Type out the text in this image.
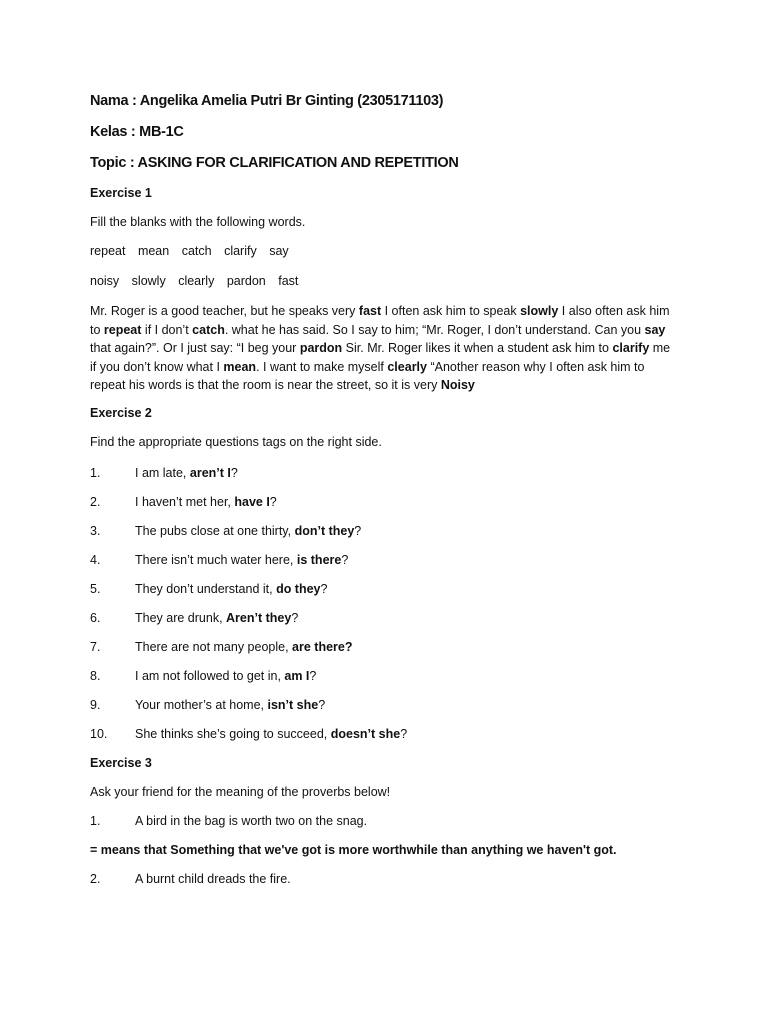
Nama : Angelika Amelia Putri Br Ginting (2305171103)
Kelas : MB-1C
Topic : ASKING FOR CLARIFICATION AND REPETITION
Exercise 1
Fill the blanks with the following words.
repeat mean catch clarify say
noisy slowly clearly pardon fast
Mr. Roger is a good teacher, but he speaks very fast I often ask him to speak slowly I also often ask him to repeat if I don’t catch. what he has said. So I say to him; “Mr. Roger, I don’t understand. Can you say that again?”. Or I just say: “I beg your pardon Sir. Mr. Roger likes it when a student ask him to clarify me if you don’t know what I mean. I want to make myself clearly “Another reason why I often ask him to repeat his words is that the room is near the street, so it is very Noisy
Exercise 2
Find the appropriate questions tags on the right side.
1.	I am late, aren’t I?
2.	I haven’t met her, have I?
3.	The pubs close at one thirty, don’t they?
4.	There isn’t much water here, is there?
5.	They don’t understand it, do they?
6.	They are drunk, Aren’t they?
7.	There are not many people, are there?
8.	I am not followed to get in, am I?
9.	Your mother’s at home, isn’t she?
10. She thinks she’s going to succeed, doesn’t she?
Exercise 3
Ask your friend for the meaning of the proverbs below!
1.	A bird in the bag is worth two on the snag.
= means that Something that we've got is more worthwhile than anything we haven't got.
2.	A burnt child dreads the fire.
